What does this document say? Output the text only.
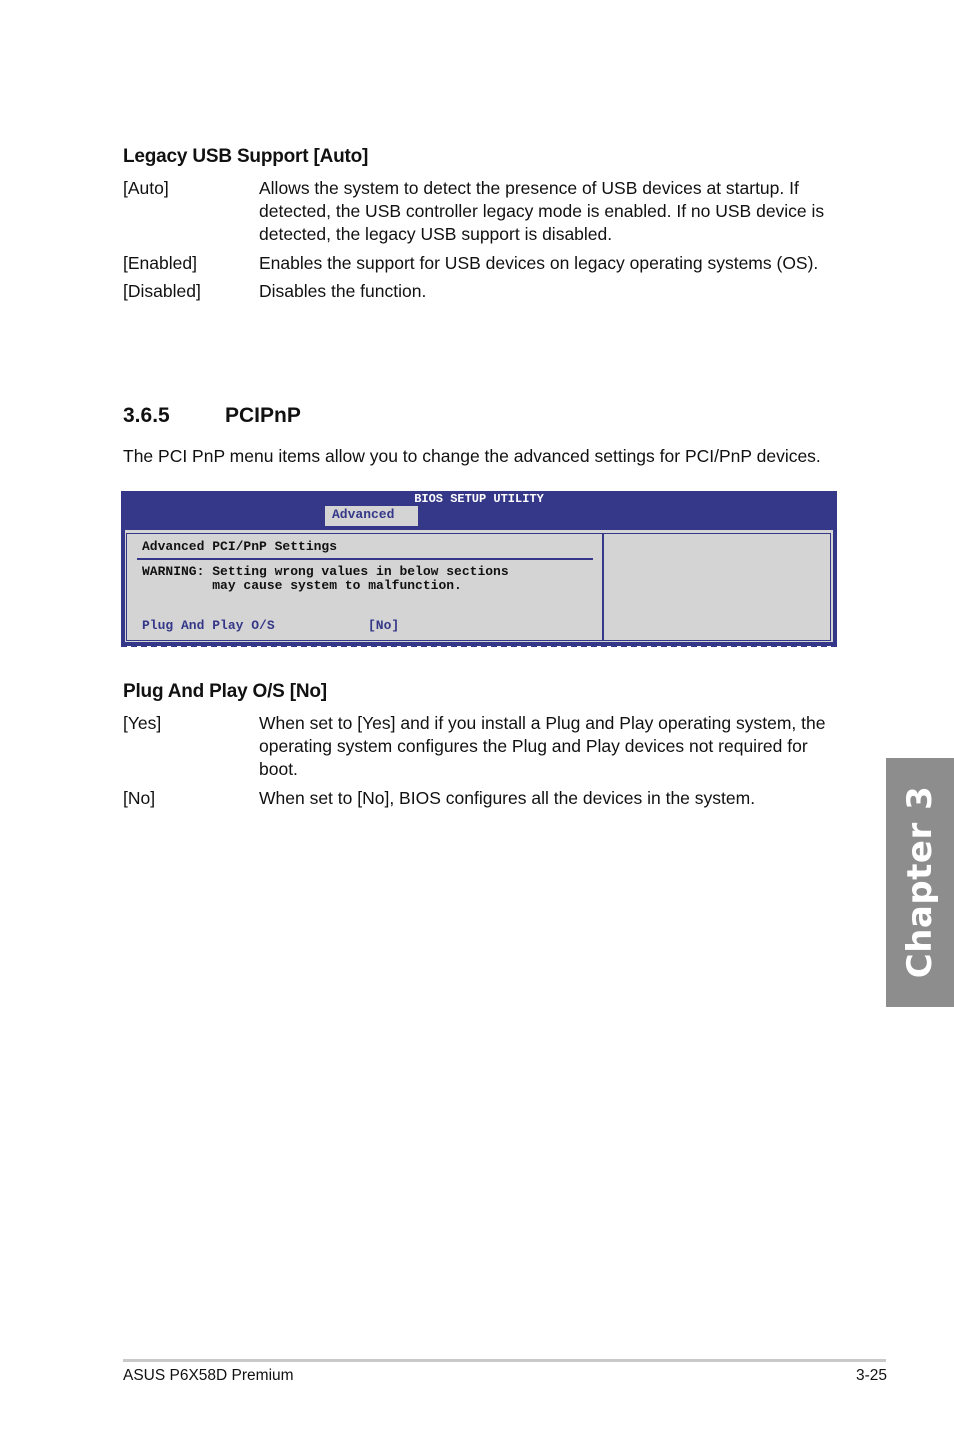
Legacy USB Support [Auto]
[Auto]	Allows the system to detect the presence of USB devices at startup. If detected, the USB controller legacy mode is enabled. If no USB device is detected, the legacy USB support is disabled.
[Enabled]	Enables the support for USB devices on legacy operating systems (OS).
[Disabled]	Disables the function.
3.6.5	PCIPnP
The PCI PnP menu items allow you to change the advanced settings for PCI/PnP devices.
BIOS SETUP UTILITY
Advanced
Advanced PCI/PnP Settings
WARNING: Setting wrong values in below sections
may cause system to malfunction.
Plug And Play O/S	[No]
Plug And Play O/S [No]
[Yes]	When set to [Yes] and if you install a Plug and Play operating system, the operating system configures the Plug and Play devices not required for boot.
[No]	When set to [No], BIOS configures all the devices in the system.	Chapter 3
ASUS P6X58D Premium	3-25
